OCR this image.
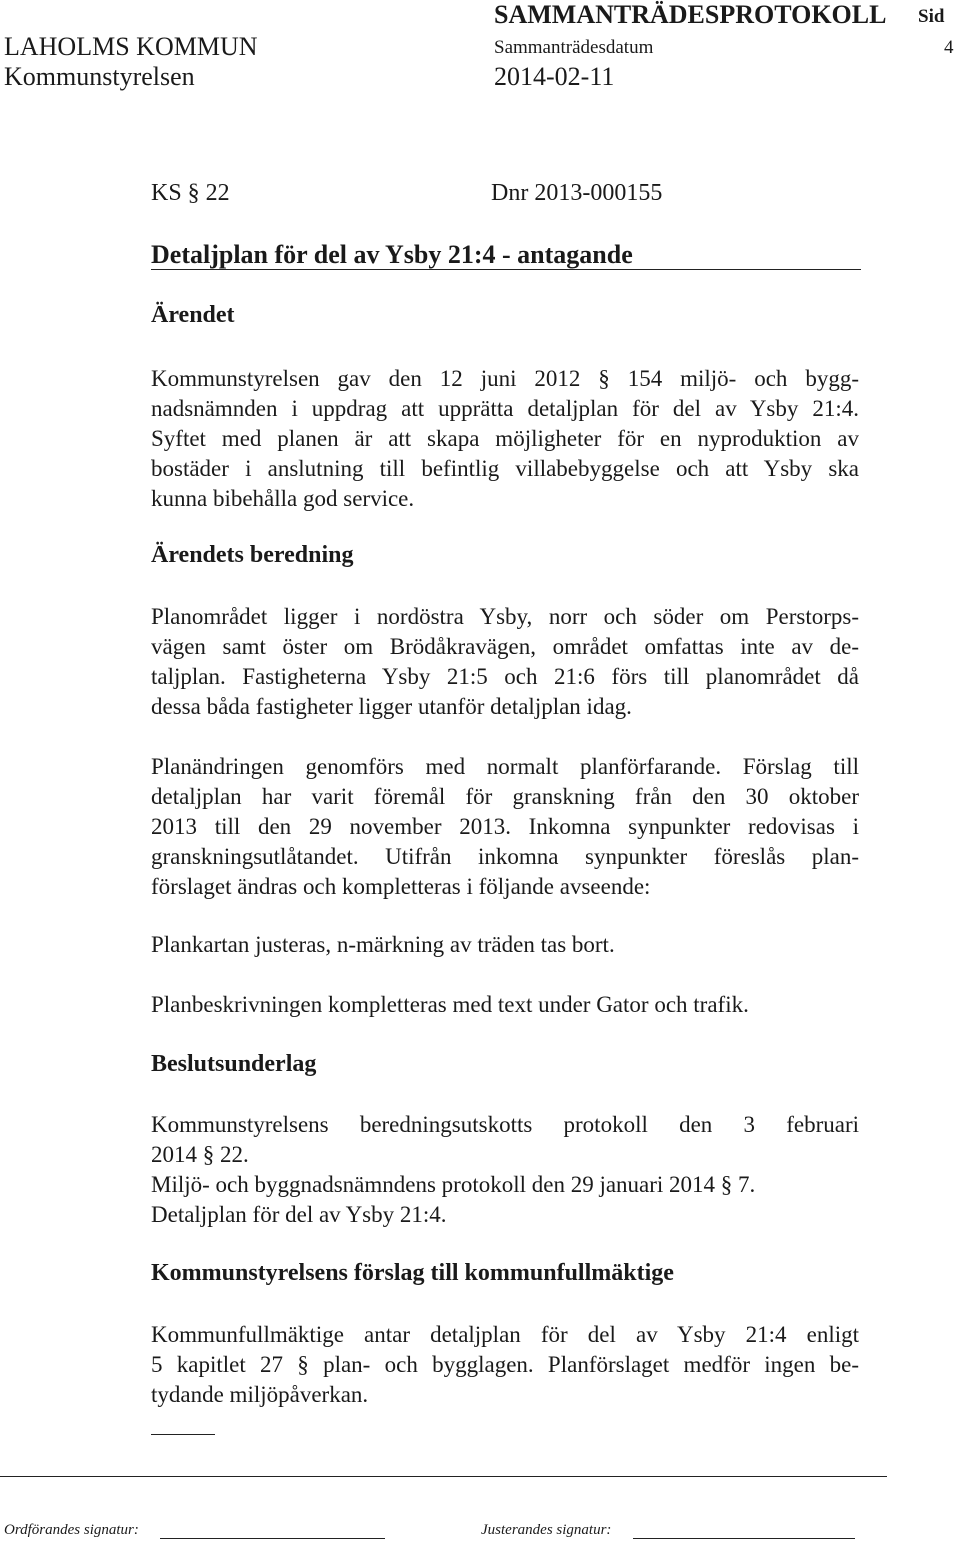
SAMMANTRÄDESPROTOKOLL Sid
LAHOLMS KOMMUN	Sammanträdesdatum	4
Kommunstyrelsen	2014-02-11
KS § 22	Dnr 2013-000155
Detaljplan för del av Ysby 21:4 - antagande
Ärendet
Kommunstyrelsen gav den 12 juni 2012 § 154 miljö- och bygg-
nadsnämnden i uppdrag att upprätta detaljplan för del av Ysby 21:4.
Syftet med planen är att skapa möjligheter för en nyproduktion av
bostäder i anslutning till befintlig villabebyggelse och att Ysby ska
kunna bibehålla god service.
Ärendets beredning
Planområdet ligger i nordöstra Ysby, norr och söder om Perstorps-
vägen samt öster om Brödåkravägen, området omfattas inte av de-
taljplan. Fastigheterna Ysby 21:5 och 21:6 förs till planområdet då
dessa båda fastigheter ligger utanför detaljplan idag.
Planändringen genomförs med normalt planförfarande. Förslag till
detaljplan har varit föremål för granskning från den 30 oktober
2013 till den 29 november 2013. Inkomna synpunkter redovisas i
granskningsutlåtandet. Utifrån inkomna synpunkter föreslås plan-
förslaget ändras och kompletteras i följande avseende:
Plankartan justeras, n-märkning av träden tas bort.
Planbeskrivningen kompletteras med text under Gator och trafik.
Beslutsunderlag
Kommunstyrelsens beredningsutskotts protokoll den 3 februari
2014 § 22.
Miljö- och byggnadsnämndens protokoll den 29 januari 2014 § 7.
Detaljplan för del av Ysby 21:4.
Kommunstyrelsens förslag till kommunfullmäktige
Kommunfullmäktige antar detaljplan för del av Ysby 21:4 enligt
5 kapitlet 27 § plan- och bygglagen. Planförslaget medför ingen be-
tydande miljöpåverkan.
Ordförandes signatur:	Justerandes signatur:
